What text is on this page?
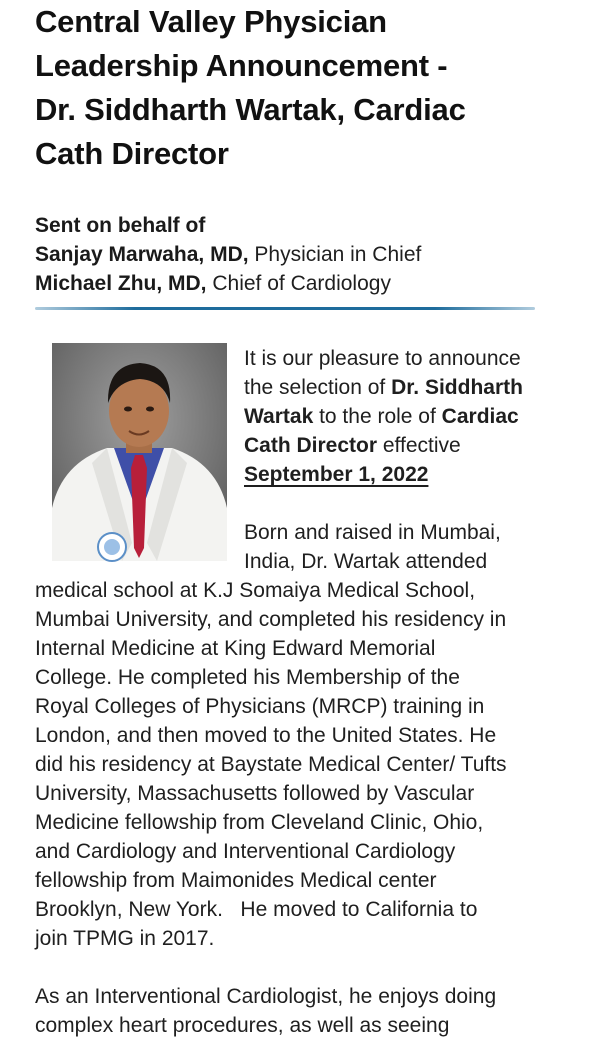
Central Valley Physician
Leadership Announcement -
Dr. Siddharth Wartak, Cardiac
Cath Director
Sent on behalf of
Sanjay Marwaha, MD, Physician in Chief
Michael Zhu, MD, Chief of Cardiology
It is our pleasure to announce
the selection of Dr. Siddharth
Wartak to the role of Cardiac
Cath Director effective
September 1, 2022
Born and raised in Mumbai,
India, Dr. Wartak attended
medical school at K.J Somaiya Medical School,
Mumbai University, and completed his residency in
Internal Medicine at King Edward Memorial
College. He completed his Membership of the
Royal Colleges of Physicians (MRCP) training in
London, and then moved to the United States. He
did his residency at Baystate Medical Center/ Tufts
University, Massachusetts followed by Vascular
Medicine fellowship from Cleveland Clinic, Ohio,
and Cardiology and Interventional Cardiology
fellowship from Maimonides Medical center
Brooklyn, New York.   He moved to California to
join TPMG in 2017.
As an Interventional Cardiologist, he enjoys doing
complex heart procedures, as well as seeing
